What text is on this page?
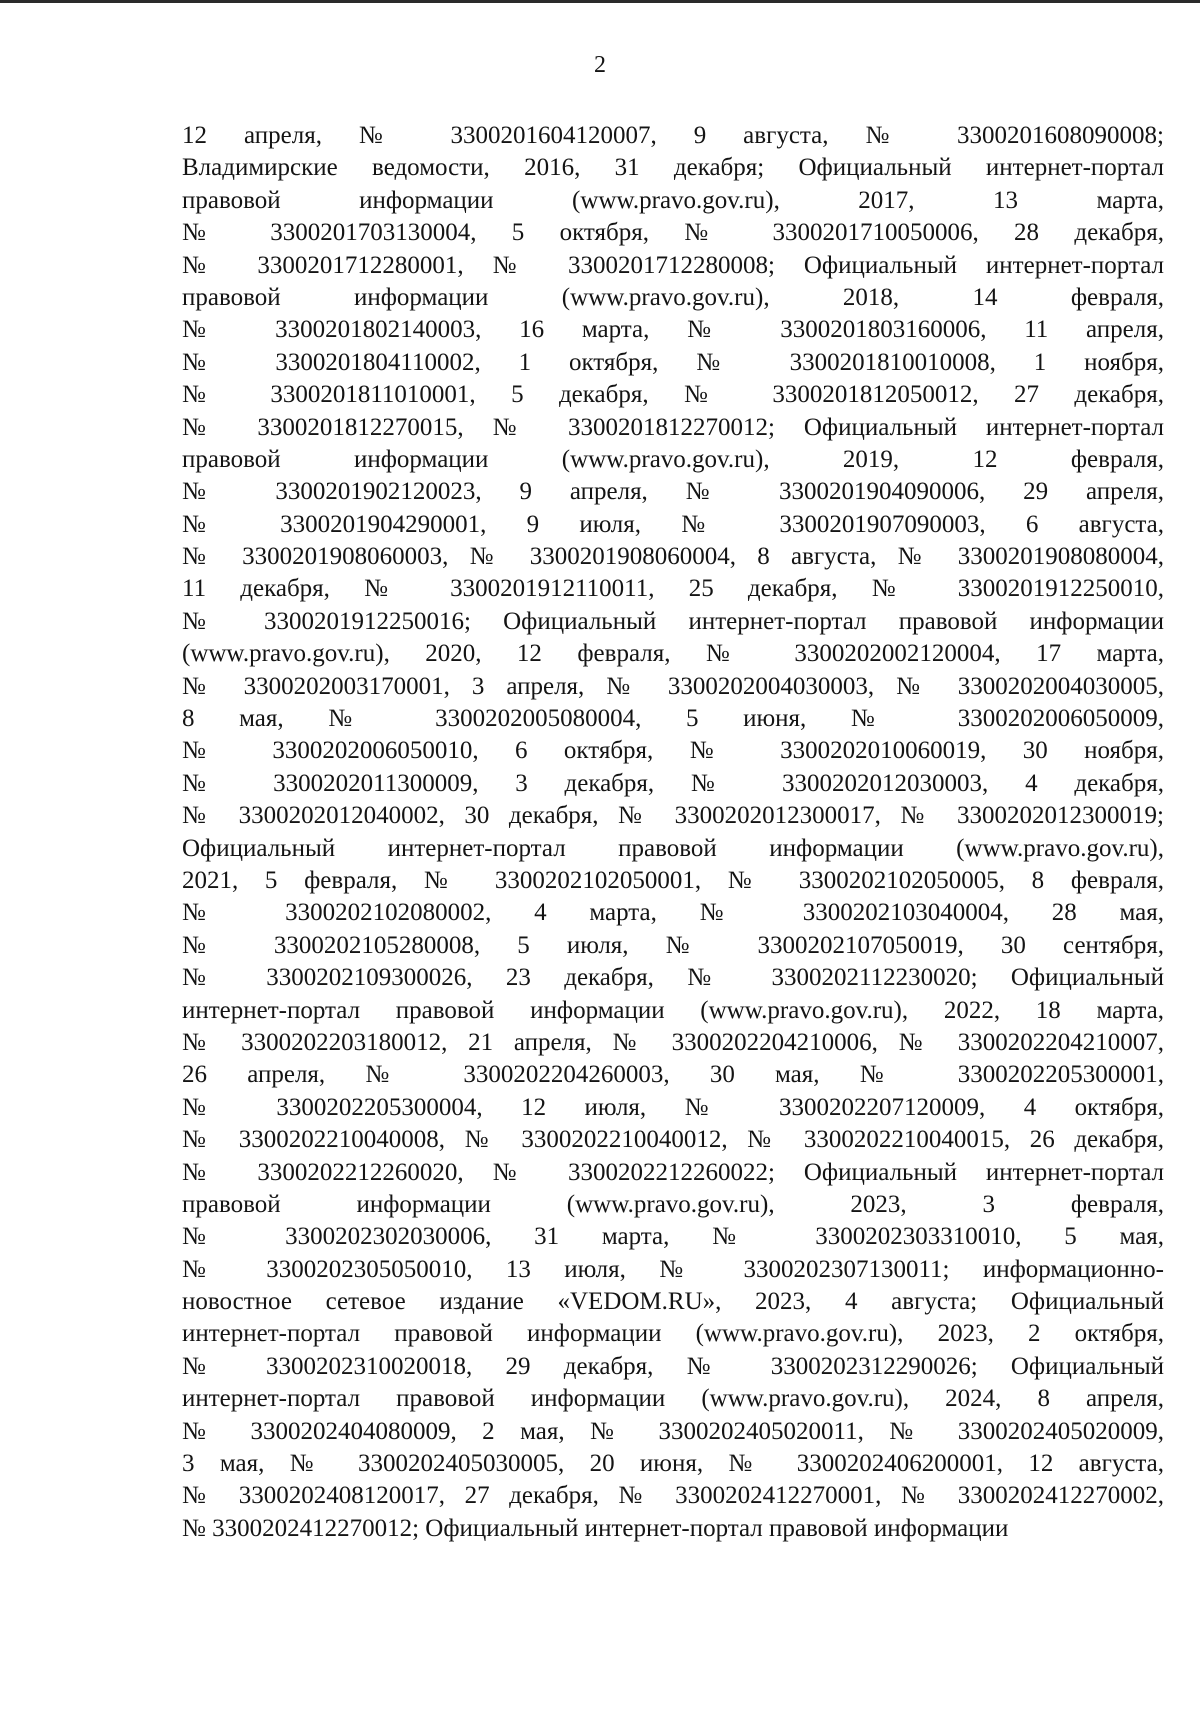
2
12 апреля, № 3300201604120007, 9 августа, № 3300201608090008;
Владимирские ведомости, 2016, 31 декабря; Официальный интернет-портал
правовой информации (www.pravo.gov.ru), 2017, 13 марта,
№ 3300201703130004, 5 октября, № 3300201710050006, 28 декабря,
№ 3300201712280001, № 3300201712280008; Официальный интернет-портал
правовой информации (www.pravo.gov.ru), 2018, 14 февраля,
№ 3300201802140003, 16 марта, № 3300201803160006, 11 апреля,
№ 3300201804110002, 1 октября, № 3300201810010008, 1 ноября,
№ 3300201811010001, 5 декабря, № 3300201812050012, 27 декабря,
№ 3300201812270015, № 3300201812270012; Официальный интернет-портал
правовой информации (www.pravo.gov.ru), 2019, 12 февраля,
№ 3300201902120023, 9 апреля, № 3300201904090006, 29 апреля,
№ 3300201904290001, 9 июля, № 3300201907090003, 6 августа,
№ 3300201908060003, № 3300201908060004, 8 августа, № 3300201908080004,
11 декабря, № 3300201912110011, 25 декабря, № 3300201912250010,
№ 3300201912250016; Официальный интернет-портал правовой информации
(www.pravo.gov.ru), 2020, 12 февраля, № 3300202002120004, 17 марта,
№ 3300202003170001, 3 апреля, № 3300202004030003, № 3300202004030005,
8 мая, № 3300202005080004, 5 июня, № 3300202006050009,
№ 3300202006050010, 6 октября, № 3300202010060019, 30 ноября,
№ 3300202011300009, 3 декабря, № 3300202012030003, 4 декабря,
№ 3300202012040002, 30 декабря, № 3300202012300017, № 3300202012300019;
Официальный интернет-портал правовой информации (www.pravo.gov.ru),
2021, 5 февраля, № 3300202102050001, № 3300202102050005, 8 февраля,
№ 3300202102080002, 4 марта, № 3300202103040004, 28 мая,
№ 3300202105280008, 5 июля, № 3300202107050019, 30 сентября,
№ 3300202109300026, 23 декабря, № 3300202112230020; Официальный
интернет-портал правовой информации (www.pravo.gov.ru), 2022, 18 марта,
№ 3300202203180012, 21 апреля, № 3300202204210006, № 3300202204210007,
26 апреля, № 3300202204260003, 30 мая, № 3300202205300001,
№ 3300202205300004, 12 июля, № 3300202207120009, 4 октября,
№ 3300202210040008, № 3300202210040012, № 3300202210040015, 26 декабря,
№ 3300202212260020, № 3300202212260022; Официальный интернет-портал
правовой информации (www.pravo.gov.ru), 2023, 3 февраля,
№ 3300202302030006, 31 марта, № 3300202303310010, 5 мая,
№ 3300202305050010, 13 июля, № 3300202307130011; информационно-
новостное сетевое издание «VEDOM.RU», 2023, 4 августа; Официальный
интернет-портал правовой информации (www.pravo.gov.ru), 2023, 2 октября,
№ 3300202310020018, 29 декабря, № 3300202312290026; Официальный
интернет-портал правовой информации (www.pravo.gov.ru), 2024, 8 апреля,
№ 3300202404080009, 2 мая, № 3300202405020011, № 3300202405020009,
3 мая, № 3300202405030005, 20 июня, № 3300202406200001, 12 августа,
№ 3300202408120017, 27 декабря, № 3300202412270001, № 3300202412270002,
№ 3300202412270012; Официальный интернет-портал правовой информации
